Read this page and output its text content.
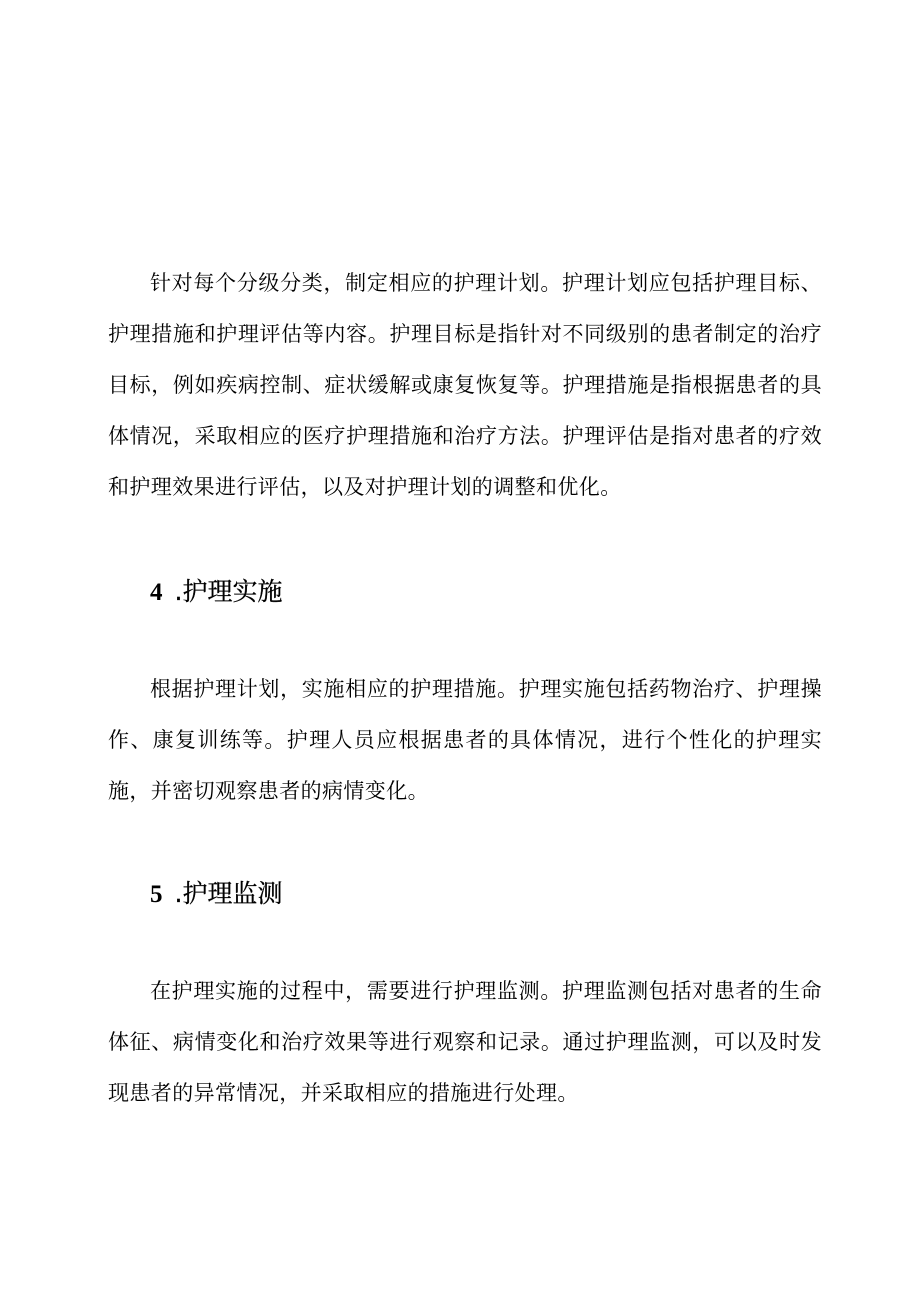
针对每个分级分类，制定相应的护理计划。护理计划应包括护理目标、护理措施和护理评估等内容。护理目标是指针对不同级别的患者制定的治疗目标，例如疾病控制、症状缓解或康复恢复等。护理措施是指根据患者的具体情况，采取相应的医疗护理措施和治疗方法。护理评估是指对患者的疗效和护理效果进行评估，以及对护理计划的调整和优化。

4 .护理实施

根据护理计划，实施相应的护理措施。护理实施包括药物治疗、护理操作、康复训练等。护理人员应根据患者的具体情况，进行个性化的护理实施，并密切观察患者的病情变化。

5 .护理监测

在护理实施的过程中，需要进行护理监测。护理监测包括对患者的生命体征、病情变化和治疗效果等进行观察和记录。通过护理监测，可以及时发现患者的异常情况，并采取相应的措施进行处理。
